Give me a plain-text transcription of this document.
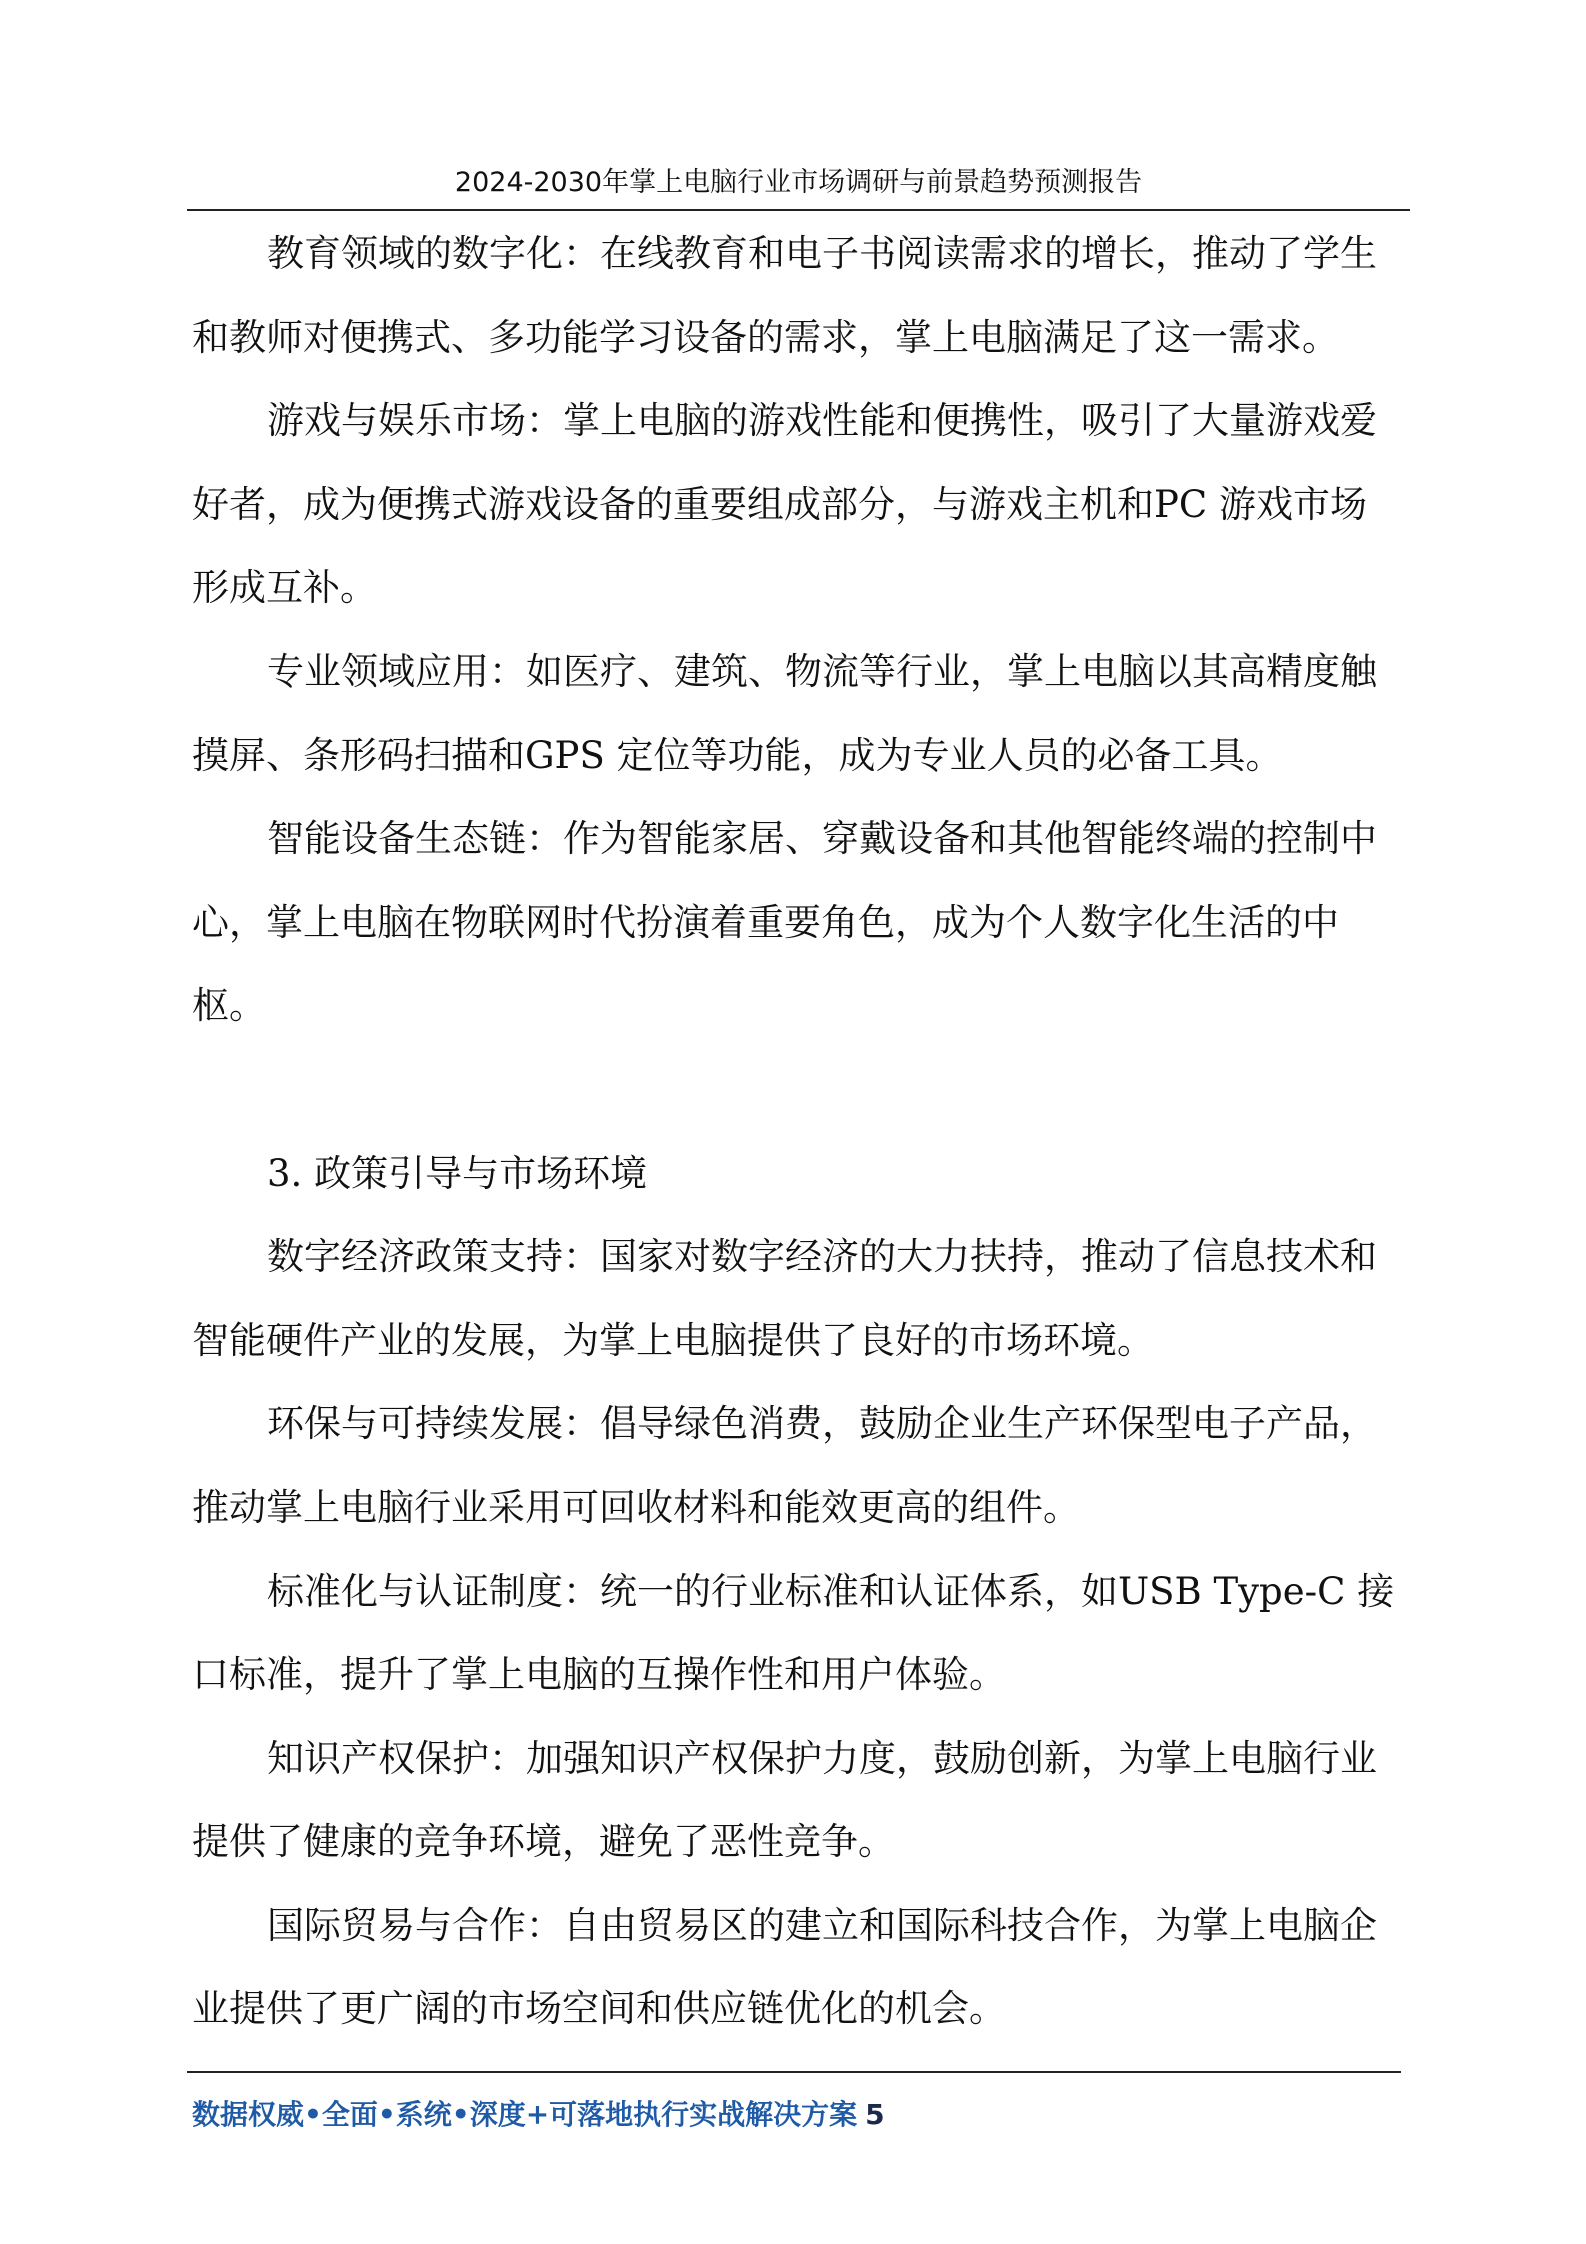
2024-2030年掌上电脑行业市场调研与前景趋势预测报告
教育领域的数字化：在线教育和电子书阅读需求的增长，推动了学生
和教师对便携式、多功能学习设备的需求，掌上电脑满足了这一需求。
游戏与娱乐市场：掌上电脑的游戏性能和便携性，吸引了大量游戏爱
好者，成为便携式游戏设备的重要组成部分，与游戏主机和PC 游戏市场
形成互补。
专业领域应用：如医疗、建筑、物流等行业，掌上电脑以其高精度触
摸屏、条形码扫描和GPS 定位等功能，成为专业人员的必备工具。
智能设备生态链：作为智能家居、穿戴设备和其他智能终端的控制中
心，掌上电脑在物联网时代扮演着重要角色，成为个人数字化生活的中
枢。
3. 政策引导与市场环境
数字经济政策支持：国家对数字经济的大力扶持，推动了信息技术和
智能硬件产业的发展，为掌上电脑提供了良好的市场环境。
环保与可持续发展：倡导绿色消费，鼓励企业生产环保型电子产品，
推动掌上电脑行业采用可回收材料和能效更高的组件。
标准化与认证制度：统一的行业标准和认证体系，如USB Type-C 接
口标准，提升了掌上电脑的互操作性和用户体验。
知识产权保护：加强知识产权保护力度，鼓励创新，为掌上电脑行业
提供了健康的竞争环境，避免了恶性竞争。
国际贸易与合作：自由贸易区的建立和国际科技合作，为掌上电脑企
业提供了更广阔的市场空间和供应链优化的机会。
数据权威•全面•系统•深度+可落地执行实战解决方案 5
